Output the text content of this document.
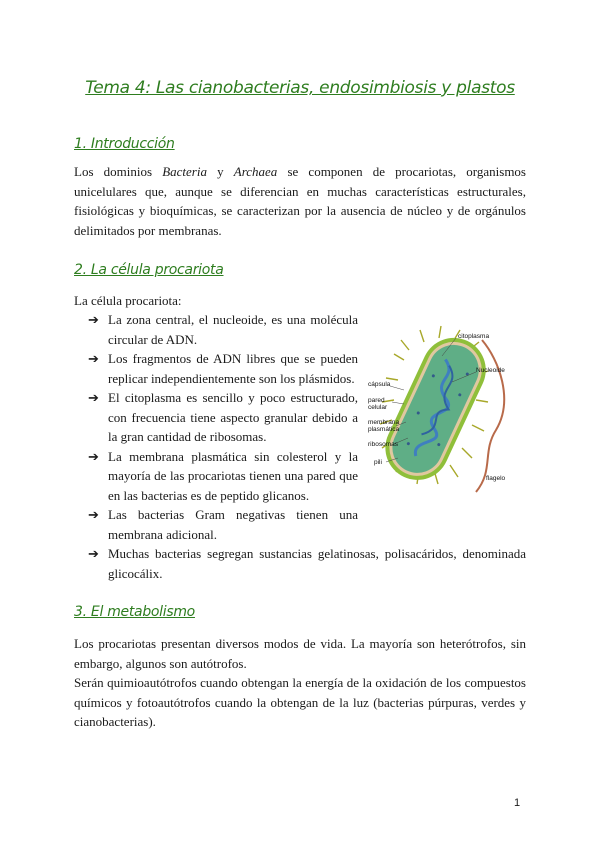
Tema 4: Las cianobacterias, endosimbiosis y plastos
1. Introducción
Los dominios Bacteria y Archaea se componen de procariotas, organismos unicelulares que, aunque se diferencian en muchas características estructurales, fisiológicas y bioquímicas, se caracterizan por la ausencia de núcleo y de orgánulos delimitados por membranas.
2. La célula procariota
La célula procariota:
➔ La zona central, el nucleoide, es una molécula circular de ADN.
➔ Los fragmentos de ADN libres que se pueden replicar independientemente son los plásmidos.
➔ El citoplasma es sencillo y poco estructurado, con frecuencia tiene aspecto granular debido a la gran cantidad de ribosomas.
➔ La membrana plasmática sin colesterol y la mayoría de las procariotas tienen una pared que en las bacterias es de peptido glicanos.
➔ Las bacterias Gram negativas tienen una membrana adicional.
➔ Muchas bacterias segregan sustancias gelatinosas, polisacáridos, denominada glicocálix.
citoplasma
Nucleoide
cápsula
pared
celular
membrana
plasmática
ribosomas
pili
flagelo
3. El metabolismo
Los procariotas presentan diversos modos de vida. La mayoría son heterótrofos, sin embargo, algunos son autótrofos.
Serán quimioautótrofos cuando obtengan la energía de la oxidación de los compuestos químicos y fotoautótrofos cuando la obtengan de la luz (bacterias púrpuras, verdes y cianobacterias).
1
